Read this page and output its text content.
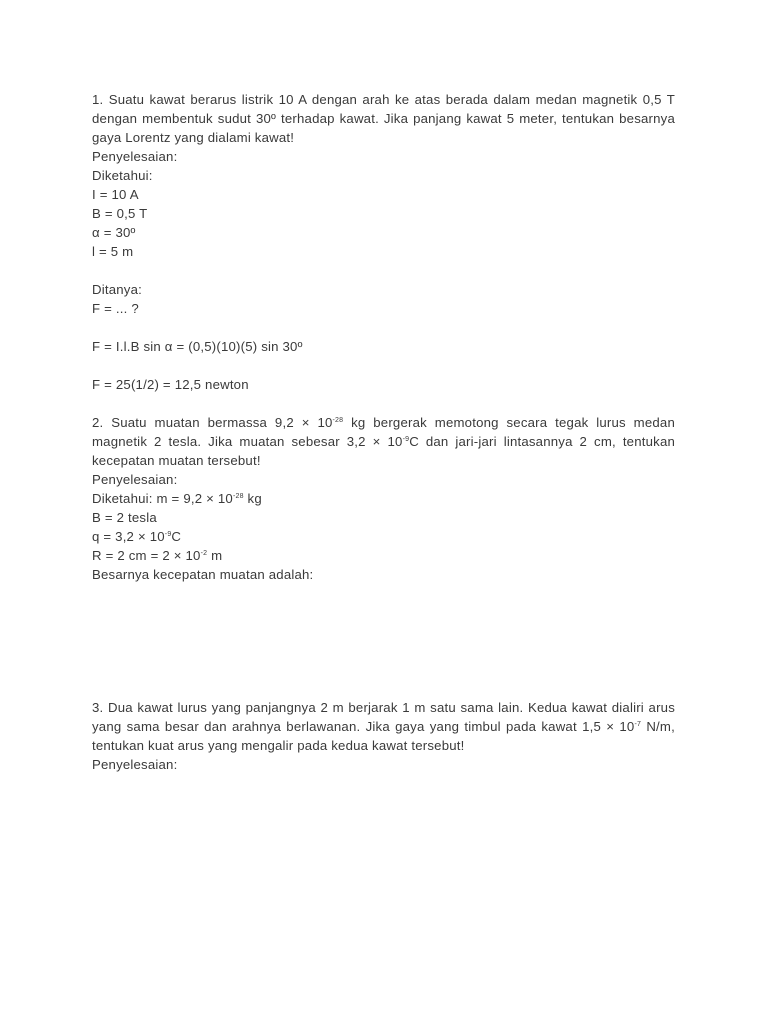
1. Suatu kawat berarus listrik 10 A dengan arah ke atas berada dalam medan magnetik 0,5 T dengan membentuk sudut 30º terhadap kawat. Jika panjang kawat 5 meter, tentukan besarnya gaya Lorentz yang dialami kawat!

Penyelesaian:

Diketahui:

I = 10 A

B = 0,5 T

α = 30º

l = 5 m

Ditanya:

F = ... ?

F = I.l.B sin α = (0,5)(10)(5) sin 30º

F = 25(1/2) = 12,5 newton

2. Suatu muatan bermassa $9,2 \times 10^{-28}$ kg bergerak memotong secara tegak lurus medan magnetik 2 tesla. Jika muatan sebesar $3,2 \times 10^{-9}C$ dan jari-jari lintasannya 2 cm, tentukan kecepatan muatan tersebut!

Penyelesaian:

Diketahui: $m = 9,2 \times 10^{-28}$ kg

B = 2 tesla

$q = 3,2 \times 10^{-9}C$

R = 2 cm = $2 \times 10^{-2}$ m

Besarnya kecepatan muatan adalah:

3. Dua kawat lurus yang panjangnya 2 m berjarak 1 m satu sama lain. Kedua kawat dialiri arus yang sama besar dan arahnya berlawanan. Jika gaya yang timbul pada kawat $1,5 \times 10^{-7}$ N/m, tentukan kuat arus yang mengalir pada kedua kawat tersebut!

Penyelesaian:
